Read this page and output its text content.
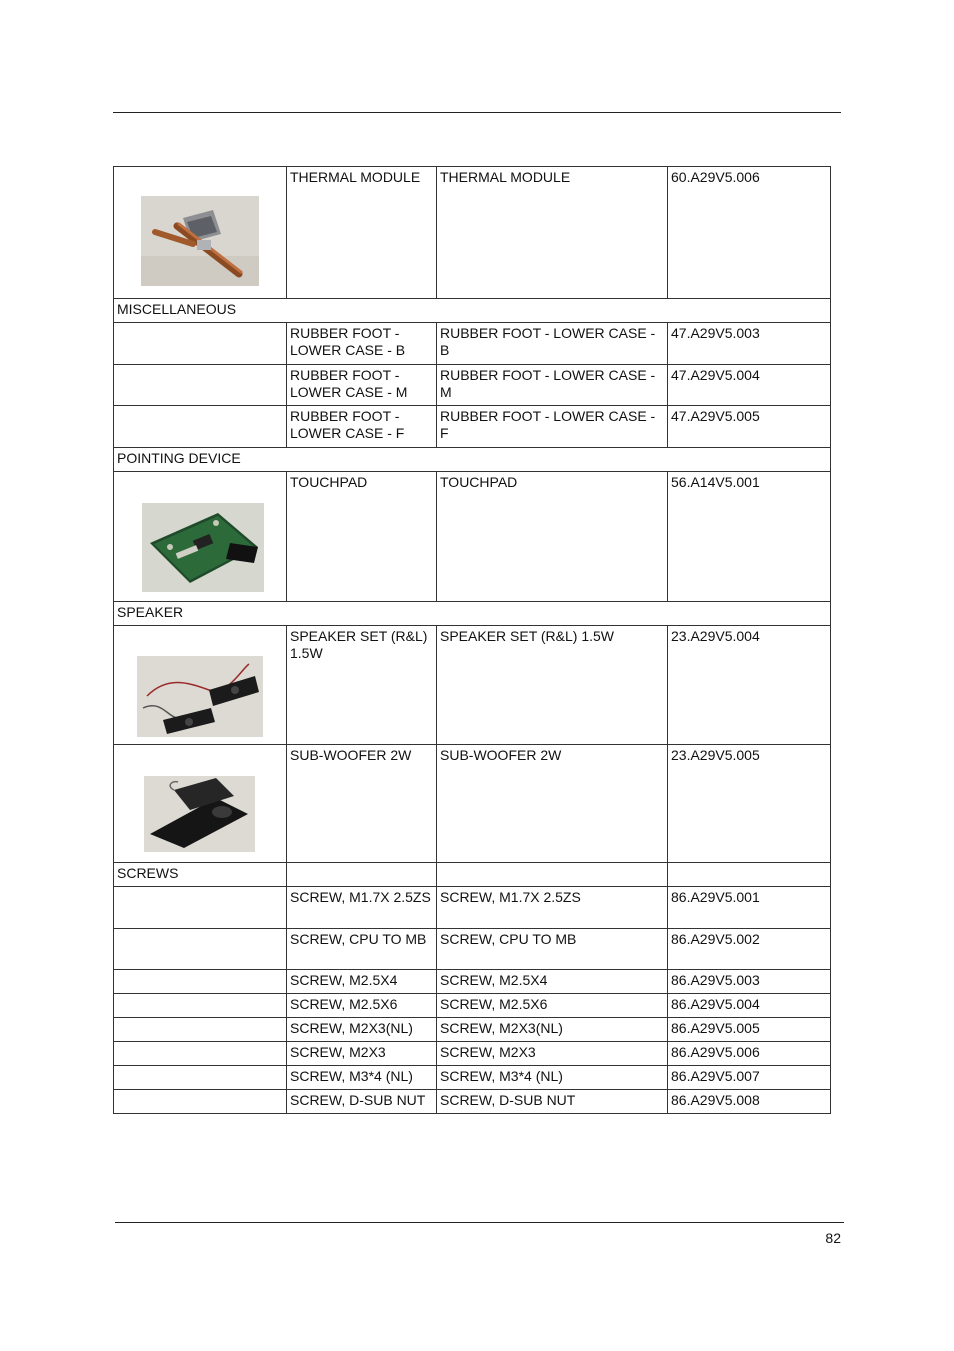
	THERMAL MODULE	THERMAL MODULE	60.A29V5.006
MISCELLANEOUS			
	RUBBER FOOT - LOWER CASE - B	RUBBER FOOT - LOWER CASE - B	47.A29V5.003
	RUBBER FOOT - LOWER CASE - M	RUBBER FOOT - LOWER CASE - M	47.A29V5.004
	RUBBER FOOT - LOWER CASE - F	RUBBER FOOT - LOWER CASE - F	47.A29V5.005
POINTING DEVICE			

	TOUCHPAD	TOUCHPAD	56.A14V5.001
SPEAKER			

	SPEAKER SET (R&L) 1.5W	SPEAKER SET (R&L) 1.5W	23.A29V5.004

	SUB-WOOFER 2W	SUB-WOOFER 2W	23.A29V5.005
SCREWS			
	SCREW, M1.7X 2.5ZS	SCREW, M1.7X 2.5ZS	86.A29V5.001
	SCREW, CPU TO MB	SCREW, CPU TO MB	86.A29V5.002
	SCREW, M2.5X4	SCREW, M2.5X4	86.A29V5.003
	SCREW, M2.5X6	SCREW, M2.5X6	86.A29V5.004
	SCREW, M2X3(NL)	SCREW, M2X3(NL)	86.A29V5.005
	SCREW, M2X3	SCREW, M2X3	86.A29V5.006
	SCREW, M3*4 (NL)	SCREW, M3*4 (NL)	86.A29V5.007
	SCREW, D-SUB NUT	SCREW, D-SUB NUT	86.A29V5.008
82
